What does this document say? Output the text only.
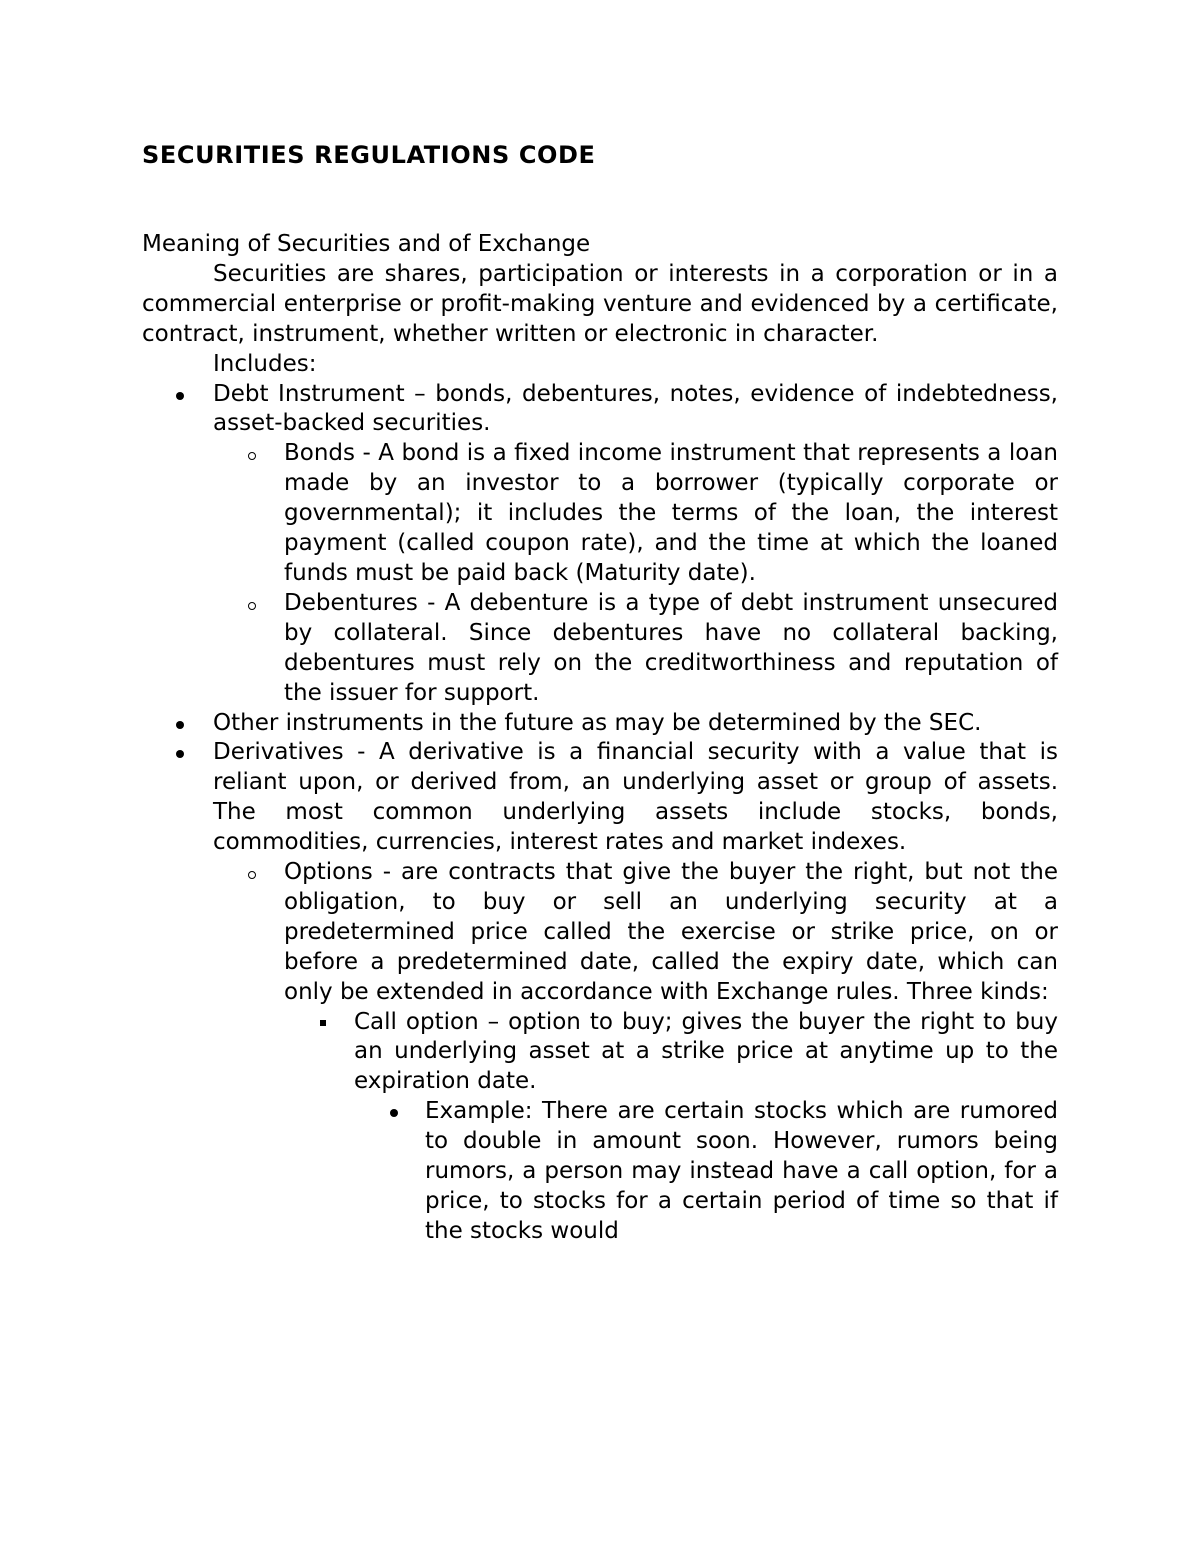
SECURITIES REGULATIONS CODE

Meaning of Securities and of Exchange

Securities are shares, participation or interests in a corporation or in a commercial enterprise or profit-making venture and evidenced by a certificate, contract, instrument, whether written or electronic in character.

Includes:

Debt Instrument – bonds, debentures, notes, evidence of indebtedness, asset-backed securities.
Bonds - A bond is a fixed income instrument that represents a loan made by an investor to a borrower (typically corporate or governmental); it includes the terms of the loan, the interest payment (called coupon rate), and the time at which the loaned funds must be paid back (Maturity date).
Debentures - A debenture is a type of debt instrument unsecured by collateral. Since debentures have no collateral backing, debentures must rely on the creditworthiness and reputation of the issuer for support.
Other instruments in the future as may be determined by the SEC.
Derivatives - A derivative is a financial security with a value that is reliant upon, or derived from, an underlying asset or group of assets. The most common underlying assets include stocks, bonds, commodities, currencies, interest rates and market indexes.
Options - are contracts that give the buyer the right, but not the obligation, to buy or sell an underlying security at a predetermined price called the exercise or strike price, on or before a predetermined date, called the expiry date, which can only be extended in accordance with Exchange rules. Three kinds:
Call option – option to buy; gives the buyer the right to buy an underlying asset at a strike price at anytime up to the expiration date.
Example: There are certain stocks which are rumored to double in amount soon. However, rumors being rumors, a person may instead have a call option, for a price, to stocks for a certain period of time so that if the stocks would
